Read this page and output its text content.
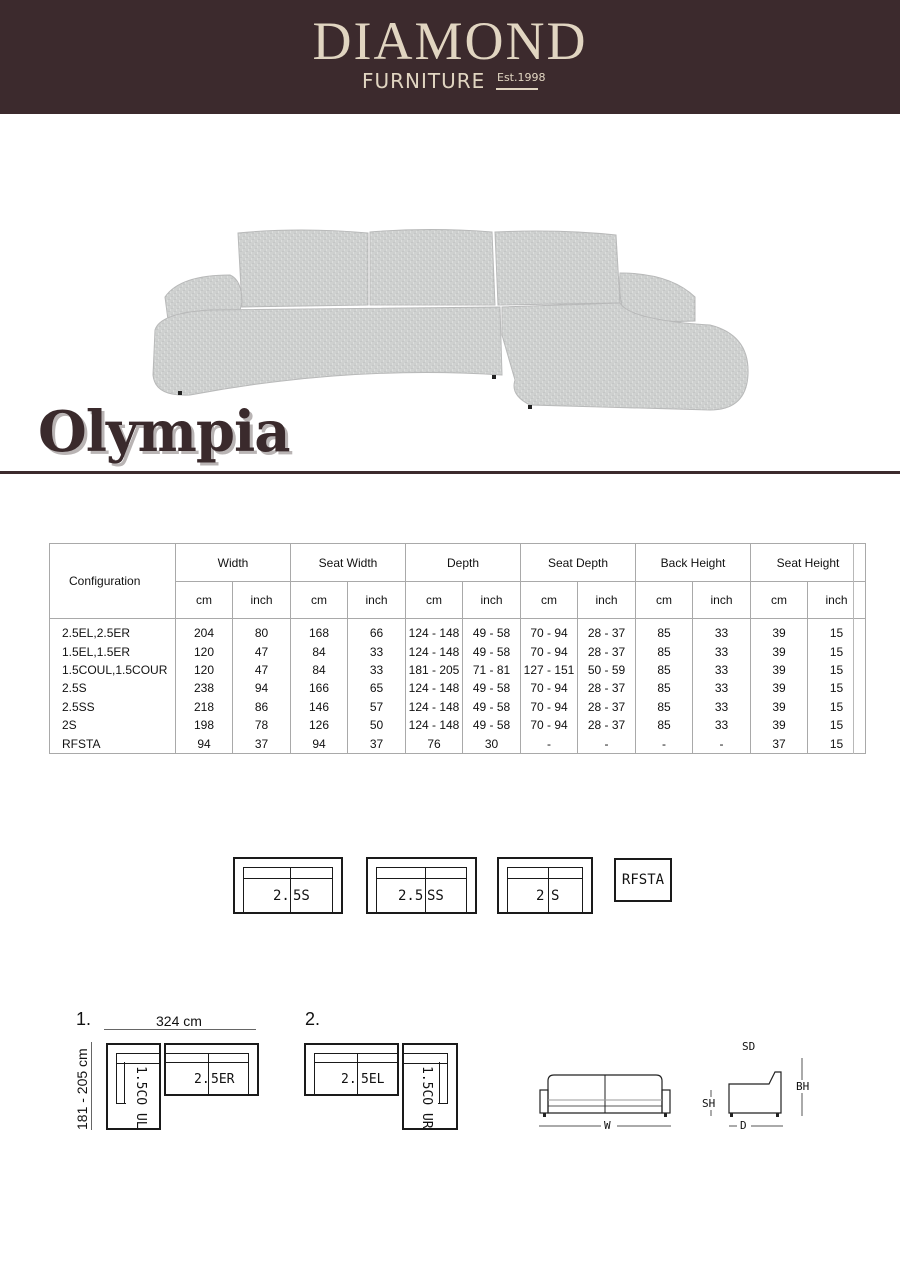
DIAMOND
FURNITURE Est.1998
Olympia
Configuration	Width		Seat Width		Depth		Seat Depth		Back Height		Seat Height	
	cm	inch	cm	inch	cm	inch	cm	inch	cm	inch	cm	inch
2.5EL,2.5ER	204	80	168	66	124 - 148	49 - 58	70 - 94	28 - 37	85	33	39	15
1.5EL,1.5ER	120	47	84	33	124 - 148	49 - 58	70 - 94	28 - 37	85	33	39	15
1.5COUL,1.5COUR	120	47	84	33	181 - 205	71 - 81	127 - 151	50 - 59	85	33	39	15
2.5S	238	94	166	65	124 - 148	49 - 58	70 - 94	28 - 37	85	33	39	15
2.5SS	218	86	146	57	124 - 148	49 - 58	70 - 94	28 - 37	85	33	39	15
2S	198	78	126	50	124 - 148	49 - 58	70 - 94	28 - 37	85	33	39	15
RFSTA	94	37	94	37	76	30	-	-	-	-	37	15
2. 5S	2.5 SS	2 S
RFSTA
1.	324 cm
181 - 205 cm	1.5CO UL	2. 5ER
2.
2. 5EL	1.5CO UR	W
SD
SH
BH
D
